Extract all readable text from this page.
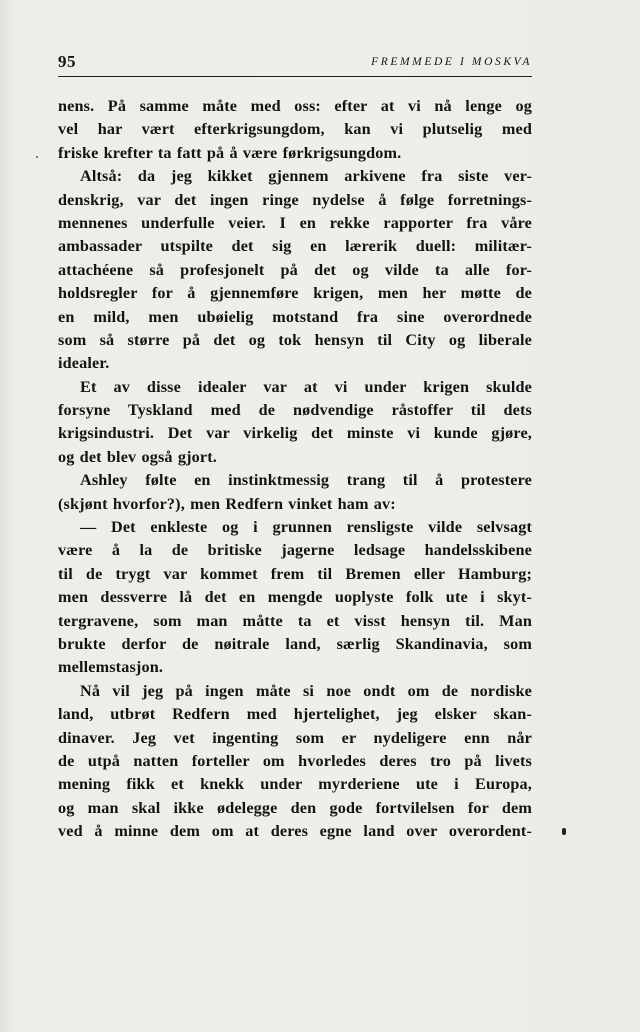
95	FREMMEDE I MOSKVA
nens. På samme måte med oss: efter at vi nå lenge og
vel har vært efterkrigsungdom, kan vi plutselig med
friske krefter ta fatt på å være førkrigsungdom.
Altså: da jeg kikket gjennem arkivene fra siste ver-
denskrig, var det ingen ringe nydelse å følge forretnings-
mennenes underfulle veier. I en rekke rapporter fra våre
ambassader utspilte det sig en lærerik duell: militær-
attachéene så profesjonelt på det og vilde ta alle for-
holdsregler for å gjennemføre krigen, men her møtte de
en mild, men ubøielig motstand fra sine overordnede
som så større på det og tok hensyn til City og liberale
idealer.
Et av disse idealer var at vi under krigen skulde
forsyne Tyskland med de nødvendige råstoffer til dets
krigsindustri. Det var virkelig det minste vi kunde gjøre,
og det blev også gjort.
Ashley følte en instinktmessig trang til å protestere
(skjønt hvorfor?), men Redfern vinket ham av:
— Det enkleste og i grunnen rensligste vilde selvsagt
være å la de britiske jagerne ledsage handelsskibene
til de trygt var kommet frem til Bremen eller Hamburg;
men dessverre lå det en mengde uoplyste folk ute i skyt-
tergravene, som man måtte ta et visst hensyn til. Man
brukte derfor de nøitrale land, særlig Skandinavia, som
mellemstasjon.
Nå vil jeg på ingen måte si noe ondt om de nordiske
land, utbrøt Redfern med hjertelighet, jeg elsker skan-
dinaver. Jeg vet ingenting som er nydeligere enn når
de utpå natten forteller om hvorledes deres tro på livets
mening fikk et knekk under myrderiene ute i Europa,
og man skal ikke ødelegge den gode fortvilelsen for dem
ved å minne dem om at deres egne land over overordent-
